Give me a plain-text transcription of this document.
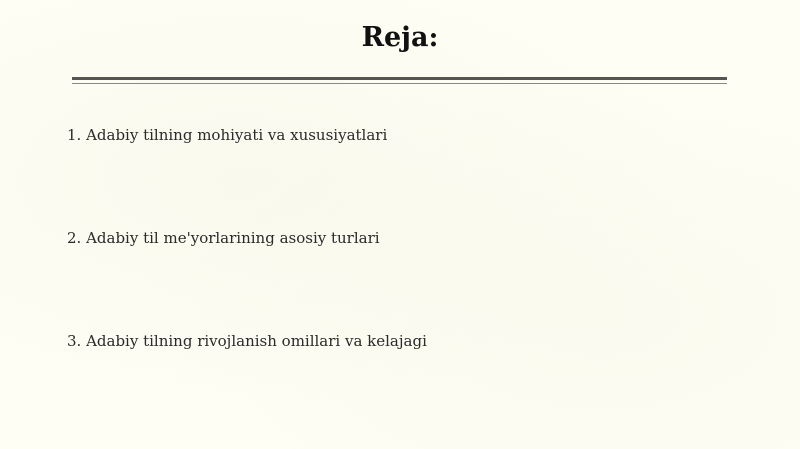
Reja:
1. Adabiy tilning mohiyati va xususiyatlari
2. Adabiy til me'yorlarining asosiy turlari
3. Adabiy tilning rivojlanish omillari va kelajagi
